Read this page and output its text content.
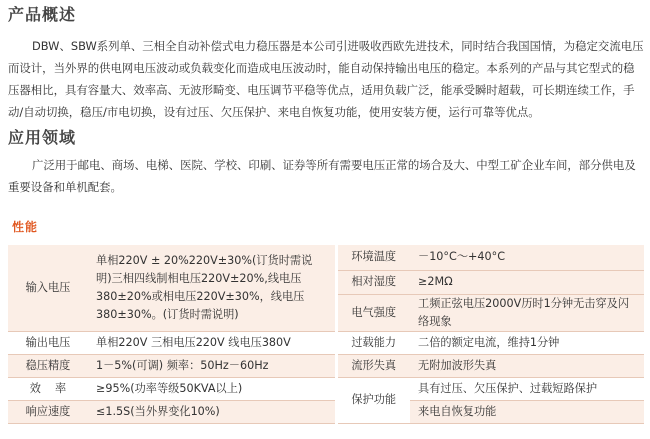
产品概述

DBW、SBW系列单、三相全自动补偿式电力稳压器是本公司引进吸收西欧先进技术，同时结合我国国情，为稳定交流电压而设计，当外界的供电网电压波动或负载变化而造成电压波动时，能自动保持输出电压的稳定。本系列的产品与其它型式的稳压器相比，具有容量大、效率高、无波形畸变、电压调节平稳等优点，适用负载广泛，能承受瞬时超载，可长期连续工作，手动/自动切换，稳压/市电切换，设有过压、欠压保护、来电自恢复功能，使用安装方便，运行可靠等优点。

应用领域

广泛用于邮电、商场、电梯、医院、学校、印刷、证券等所有需要电压正常的场合及大、中型工矿企业车间，部分供电及重要设备和单机配套。

性能
输入电压	单相220V ± 20%220V±30%(订货时需说明)三相四线制相电压220V±20%,线电压380±20%或相电压220V±30%，线电压380±30%。(订货时需说明)	环境温度	－10°C～+40°C
		相对湿度	≥2MΩ
		电气强度	工频正弦电压2000V历时1分钟无击穿及闪络现象
输出电压	单相220V 三相电压220V 线电压380V	过载能力	二倍的额定电流，维持1分钟
稳压精度	1－5%(可调) 频率：50Hz－60Hz	流形失真	无附加波形失真
效率	≥95%(功率等级50KVA以上)	保护功能	具有过压、欠压保护、过载短路保护
响应速度	≤1.5S(当外界变化10%)		来电自恢复功能
